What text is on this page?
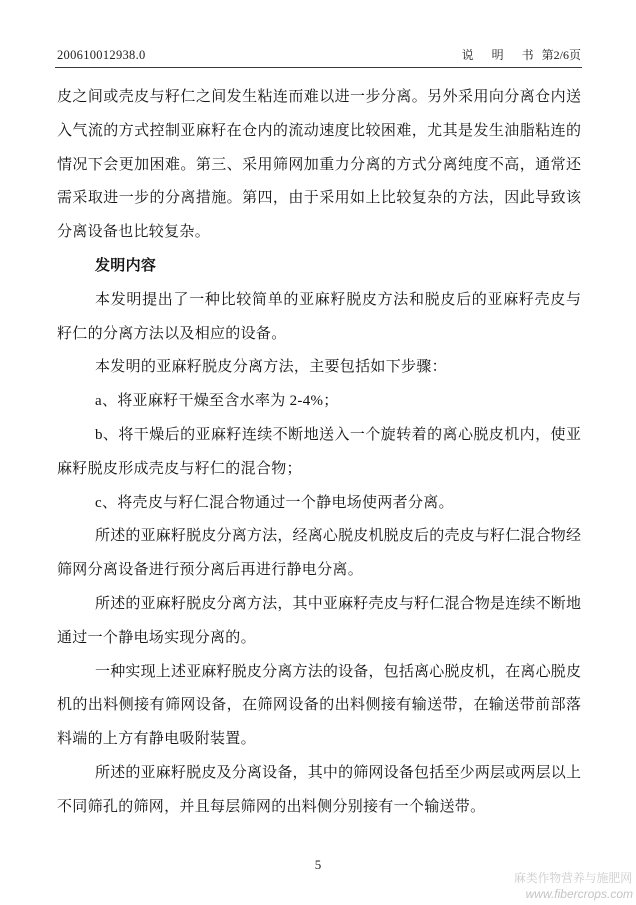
200610012938.0	说 明 书 第2/6页
皮之间或壳皮与籽仁之间发生粘连而难以进一步分离。另外采用向分离仓内送
入气流的方式控制亚麻籽在仓内的流动速度比较困难，尤其是发生油脂粘连的
情况下会更加困难。第三、采用筛网加重力分离的方式分离纯度不高，通常还
需采取进一步的分离措施。第四，由于采用如上比较复杂的方法，因此导致该
分离设备也比较复杂。
发明内容
本发明提出了一种比较简单的亚麻籽脱皮方法和脱皮后的亚麻籽壳皮与
籽仁的分离方法以及相应的设备。
本发明的亚麻籽脱皮分离方法，主要包括如下步骤：
a、将亚麻籽干燥至含水率为 2-4%；
b、将干燥后的亚麻籽连续不断地送入一个旋转着的离心脱皮机内，使亚
麻籽脱皮形成壳皮与籽仁的混合物；
c、将壳皮与籽仁混合物通过一个静电场使两者分离。
所述的亚麻籽脱皮分离方法，经离心脱皮机脱皮后的壳皮与籽仁混合物经
筛网分离设备进行预分离后再进行静电分离。
所述的亚麻籽脱皮分离方法，其中亚麻籽壳皮与籽仁混合物是连续不断地
通过一个静电场实现分离的。
一种实现上述亚麻籽脱皮分离方法的设备，包括离心脱皮机，在离心脱皮
机的出料侧接有筛网设备，在筛网设备的出料侧接有输送带，在输送带前部落
料端的上方有静电吸附装置。
所述的亚麻籽脱皮及分离设备，其中的筛网设备包括至少两层或两层以上
不同筛孔的筛网，并且每层筛网的出料侧分别接有一个输送带。
5
麻类作物营养与施肥网
www.fibercrops.com
